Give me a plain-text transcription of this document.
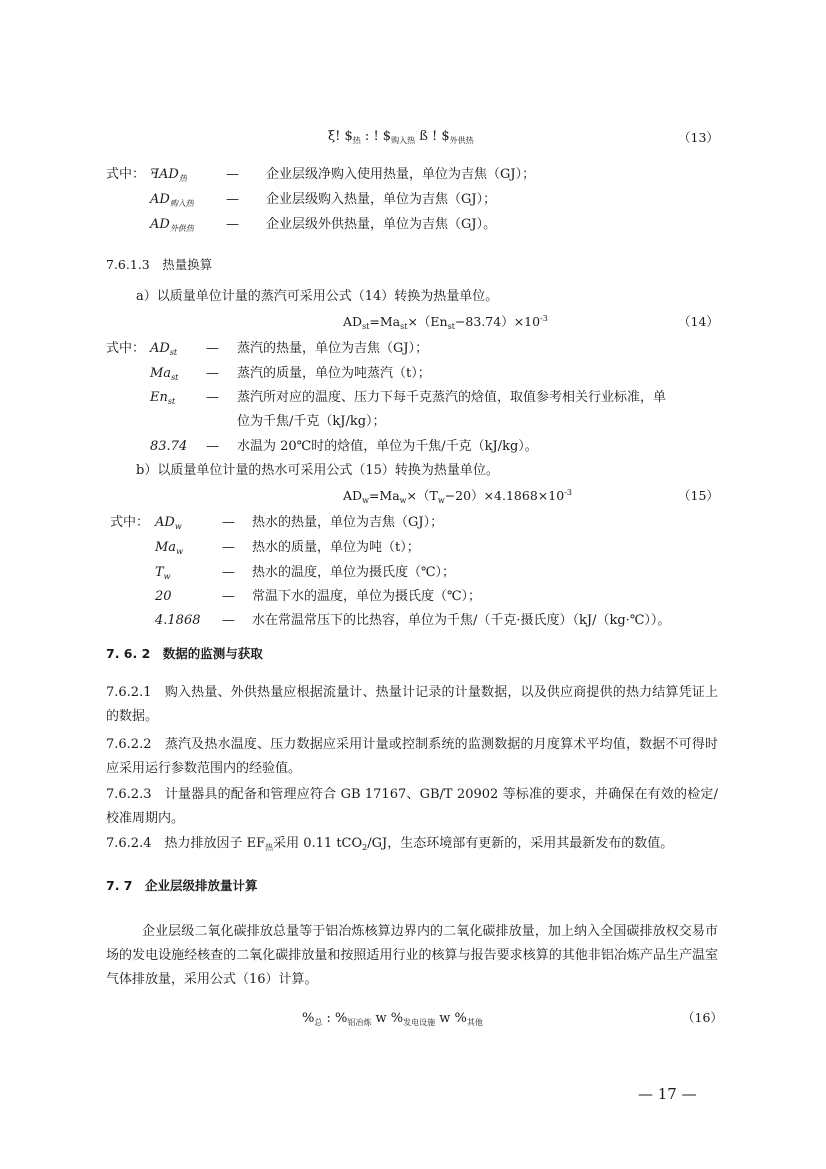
ξ! $\$_热$ : ! $\$_{购入热}$ ß ! $\$_{外供热}$	（13）
式中： ꟻAD$_热$	— 企业层级净购入使用热量，单位为吉焦（GJ）；
$AD_{购入热}$ — 企业层级购入热量，单位为吉焦（GJ）；
$AD_{外供热}$ — 企业层级外供热量，单位为吉焦（GJ）。
7.6.1.3　热量换算
a）以质量单位计量的蒸汽可采用公式（14）转换为热量单位。
$AD_{st}=Ma_{st}\times(En_{st}-83.74)\times 10^{-3}$	（14）
式中： $AD_{st}$ — 蒸汽的热量，单位为吉焦（GJ）；
$Ma_{st}$ — 蒸汽的质量，单位为吨蒸汽（t）；
$En_{st}$ — 蒸汽所对应的温度、压力下每千克蒸汽的焓值，取值参考相关行业标准，单
位为千焦/千克（kJ/kg）；
83.74 — 水温为 20℃时的焓值，单位为千焦/千克（kJ/kg）。
b）以质量单位计量的热水可采用公式（15）转换为热量单位。
$AD_w=Ma_w\times(T_w-20)\times 4.1868\times 10^{-3}$	（15）
式中： $AD_w$	— 热水的热量，单位为吉焦（GJ）；
$Ma_w$	— 热水的质量，单位为吨（t）；
$T_w$	— 热水的温度，单位为摄氏度（℃）；
20	— 常温下水的温度，单位为摄氏度（℃）；
4.1868 — 水在常温常压下的比热容，单位为千焦/（千克·摄氏度）（kJ/（kg·℃））。
7. 6. 2　数据的监测与获取
7.6.2.1　购入热量、外供热量应根据流量计、热量计记录的计量数据，以及供应商提供的热力结算凭证上的数据。
7.6.2.2　蒸汽及热水温度、压力数据应采用计量或控制系统的监测数据的月度算术平均值，数据不可得时应采用运行参数范围内的经验值。
7.6.2.3　计量器具的配备和管理应符合 GB 17167、GB/T 20902 等标准的要求，并确保在有效的检定/校准周期内。
7.6.2.4　热力排放因子 $EF_热$采用 0.11 tCO$_2$/GJ，生态环境部有更新的，采用其最新发布的数值。
7. 7　企业层级排放量计算
企业层级二氧化碳排放总量等于铝冶炼核算边界内的二氧化碳排放量，加上纳入全国碳排放权交易市场的发电设施经核查的二氧化碳排放量和按照适用行业的核算与报告要求核算的其他非铝冶炼产品生产温室气体排放量，采用公式（16）计算。
$\%_总$ : $\%_{铝冶炼}$ w $\%_{发电设施}$ w $\%_{其他}$	（16）
— 17 —
